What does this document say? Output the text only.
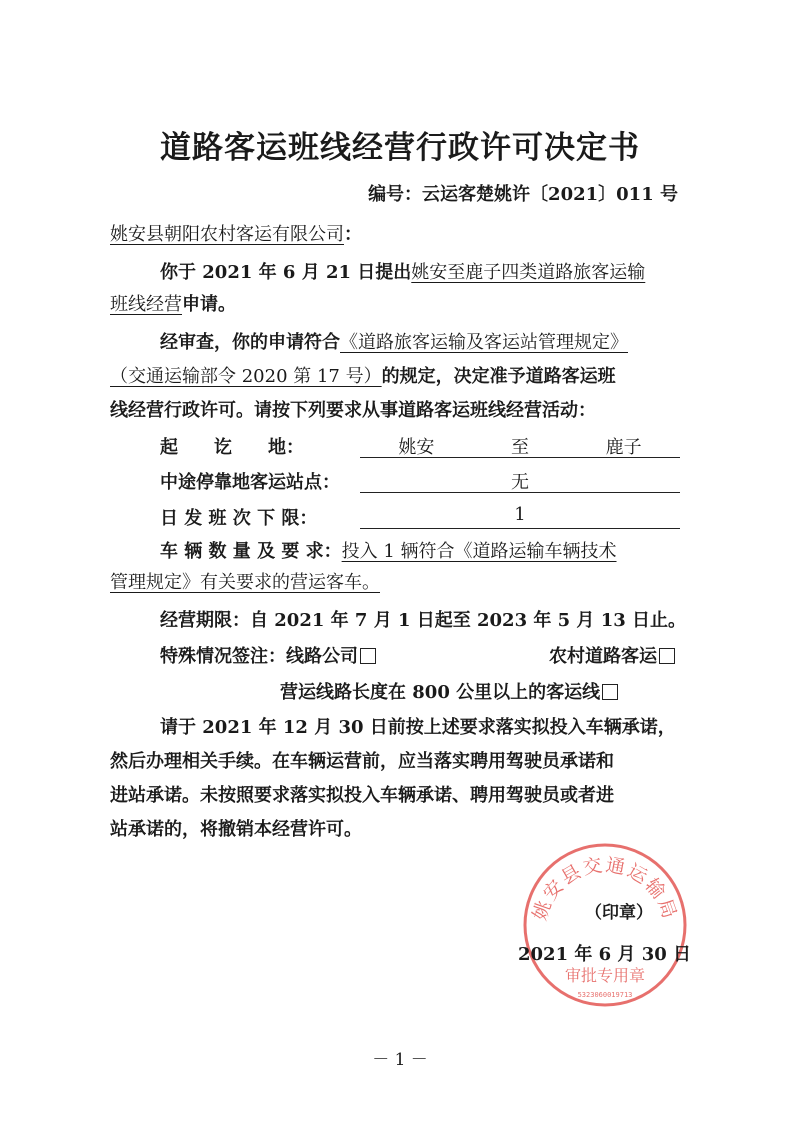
道路客运班线经营行政许可决定书
编号：云运客楚姚许〔2021〕011 号
姚安县朝阳农村客运有限公司：
你于 2021 年 6 月 21 日提出姚安至鹿子四类道路旅客运输
班线经营申请。
经审查，你的申请符合《道路旅客运输及客运站管理规定》
（交通运输部令 2020 第 17 号）的规定，决定准予道路客运班
线经营行政许可。请按下列要求从事道路客运班线经营活动：
起　　讫　　地：	姚安	至	鹿子
中途停靠地客运站点：	无
日 发 班 次 下 限：	1
车 辆 数 量 及 要 求：投入 1 辆符合《道路运输车辆技术
管理规定》有关要求的营运客车。
经营期限：自 2021 年 7 月 1 日起至 2023 年 5 月 13 日止。
特殊情况签注：线路公司	农村道路客运
营运线路长度在 800 公里以上的客运线
请于 2021 年 12 月 30 日前按上述要求落实拟投入车辆承诺，
然后办理相关手续。在车辆运营前，应当落实聘用驾驶员承诺和
进站承诺。未按照要求落实拟投入车辆承诺、聘用驾驶员或者进
站承诺的，将撤销本经营许可。
姚安县交通运输局
审批专用章
5323060019713
（印章）
2021 年 6 月 30 日
－ 1 －
